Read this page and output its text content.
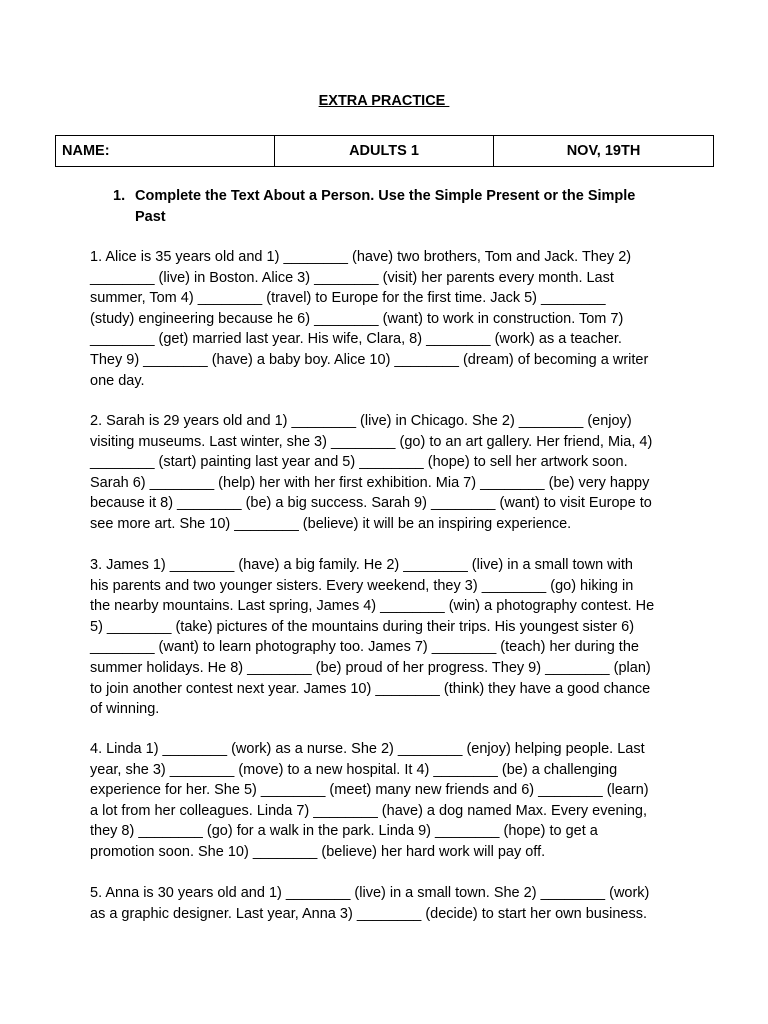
EXTRA PRACTICE
NAME:	ADULTS 1	NOV, 19TH
1. Complete the Text About a Person. Use the Simple Present or the Simple
Past
1. Alice is 35 years old and 1) ________ (have) two brothers, Tom and Jack. They 2)
________ (live) in Boston. Alice 3) ________ (visit) her parents every month. Last
summer, Tom 4) ________ (travel) to Europe for the first time. Jack 5) ________
(study) engineering because he 6) ________ (want) to work in construction. Tom 7)
________ (get) married last year. His wife, Clara, 8) ________ (work) as a teacher.
They 9) ________ (have) a baby boy. Alice 10) ________ (dream) of becoming a writer
one day.
2. Sarah is 29 years old and 1) ________ (live) in Chicago. She 2) ________ (enjoy)
visiting museums. Last winter, she 3) ________ (go) to an art gallery. Her friend, Mia, 4)
________ (start) painting last year and 5) ________ (hope) to sell her artwork soon.
Sarah 6) ________ (help) her with her first exhibition. Mia 7) ________ (be) very happy
because it 8) ________ (be) a big success. Sarah 9) ________ (want) to visit Europe to
see more art. She 10) ________ (believe) it will be an inspiring experience.
3. James 1) ________ (have) a big family. He 2) ________ (live) in a small town with
his parents and two younger sisters. Every weekend, they 3) ________ (go) hiking in
the nearby mountains. Last spring, James 4) ________ (win) a photography contest. He
5) ________ (take) pictures of the mountains during their trips. His youngest sister 6)
________ (want) to learn photography too. James 7) ________ (teach) her during the
summer holidays. He 8) ________ (be) proud of her progress. They 9) ________ (plan)
to join another contest next year. James 10) ________ (think) they have a good chance
of winning.
4. Linda 1) ________ (work) as a nurse. She 2) ________ (enjoy) helping people. Last
year, she 3) ________ (move) to a new hospital. It 4) ________ (be) a challenging
experience for her. She 5) ________ (meet) many new friends and 6) ________ (learn)
a lot from her colleagues. Linda 7) ________ (have) a dog named Max. Every evening,
they 8) ________ (go) for a walk in the park. Linda 9) ________ (hope) to get a
promotion soon. She 10) ________ (believe) her hard work will pay off.
5. Anna is 30 years old and 1) ________ (live) in a small town. She 2) ________ (work)
as a graphic designer. Last year, Anna 3) ________ (decide) to start her own business.
